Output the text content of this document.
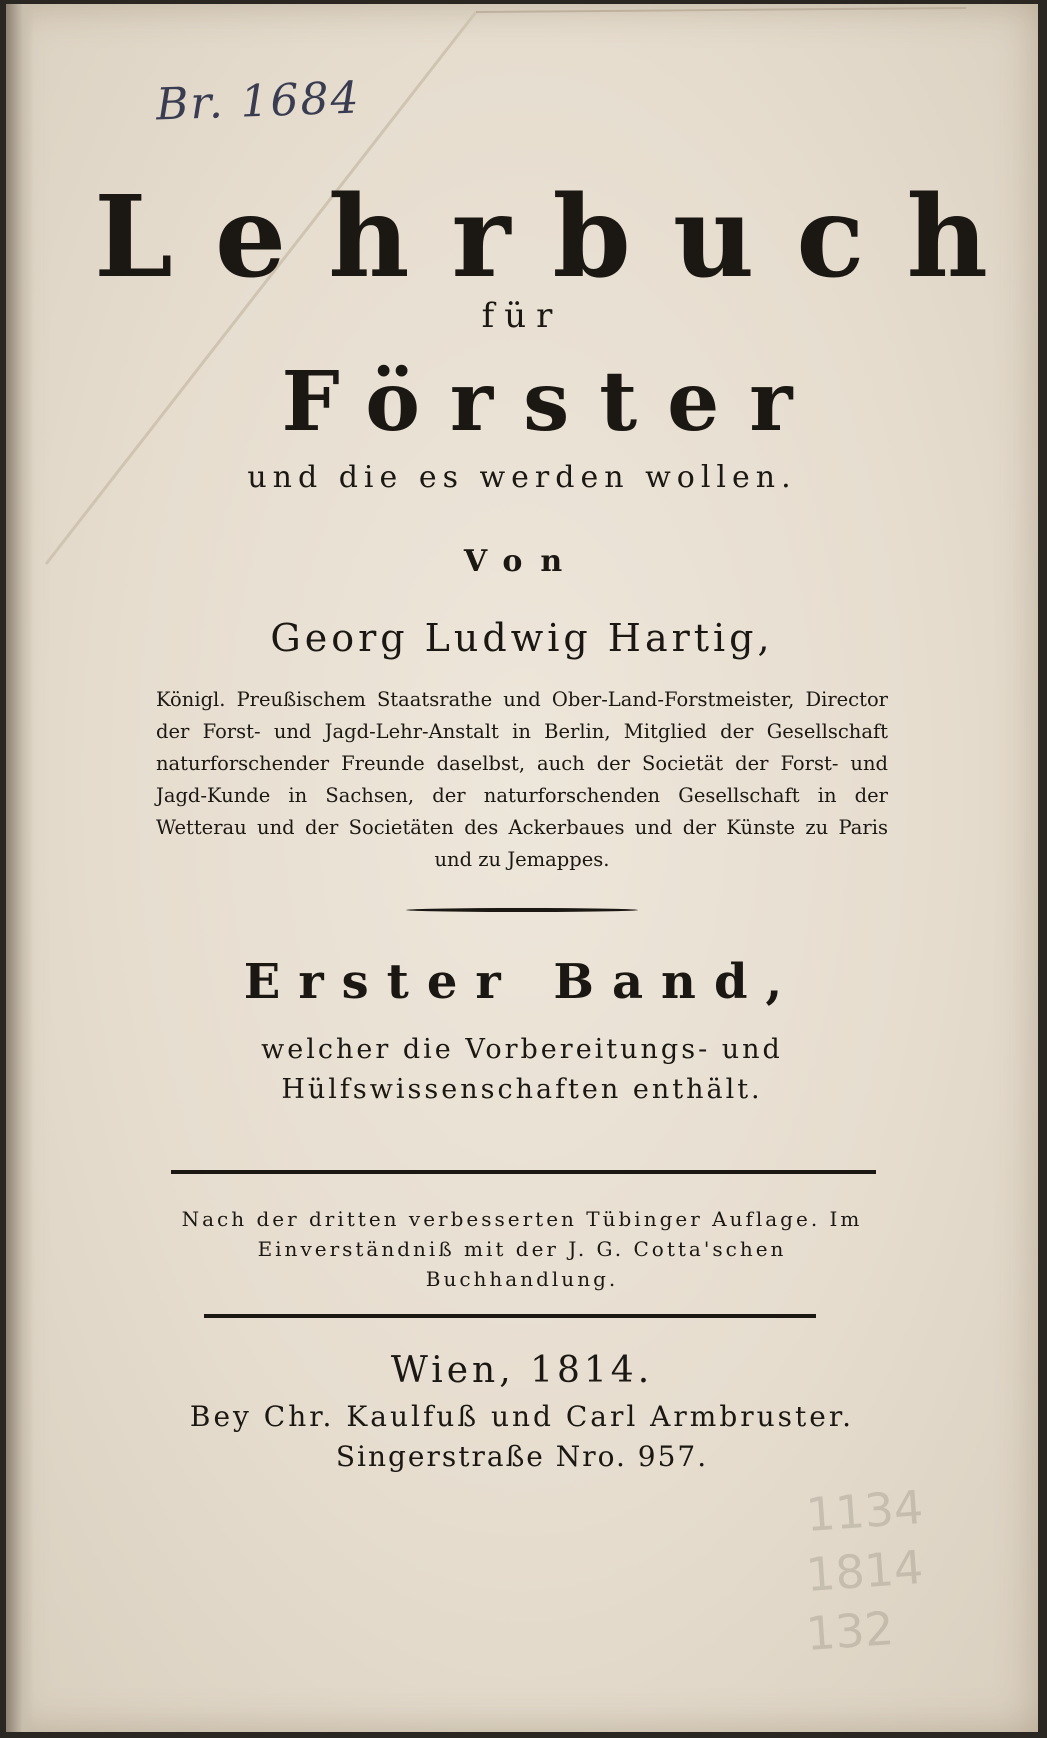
Br. 1684
Lehrbuch
für
Förster
und die es werden wollen.
Von
Georg Ludwig Hartig,
Königl. Preußischem Staatsrathe und Ober-Land-Forstmeister, Director der Forst- und Jagd-Lehr-Anstalt in Berlin, Mitglied der Gesellschaft naturforschender Freunde daselbst, auch der Societät der Forst- und Jagd-Kunde in Sachsen, der naturforschenden Gesellschaft in der Wetterau und der Societäten des Ackerbaues und der Künste zu Paris und zu Jemappes.
Erster Band,
welcher die Vorbereitungs- und Hülfswissenschaften enthält.
Nach der dritten verbesserten Tübinger Auflage. Im Einverständniß mit der J. G. Cotta'schen Buchhandlung.
Wien, 1814.
Bey Chr. Kaulfuß und Carl Armbruster.
Singerstraße Nro. 957.
1134
1814
132
